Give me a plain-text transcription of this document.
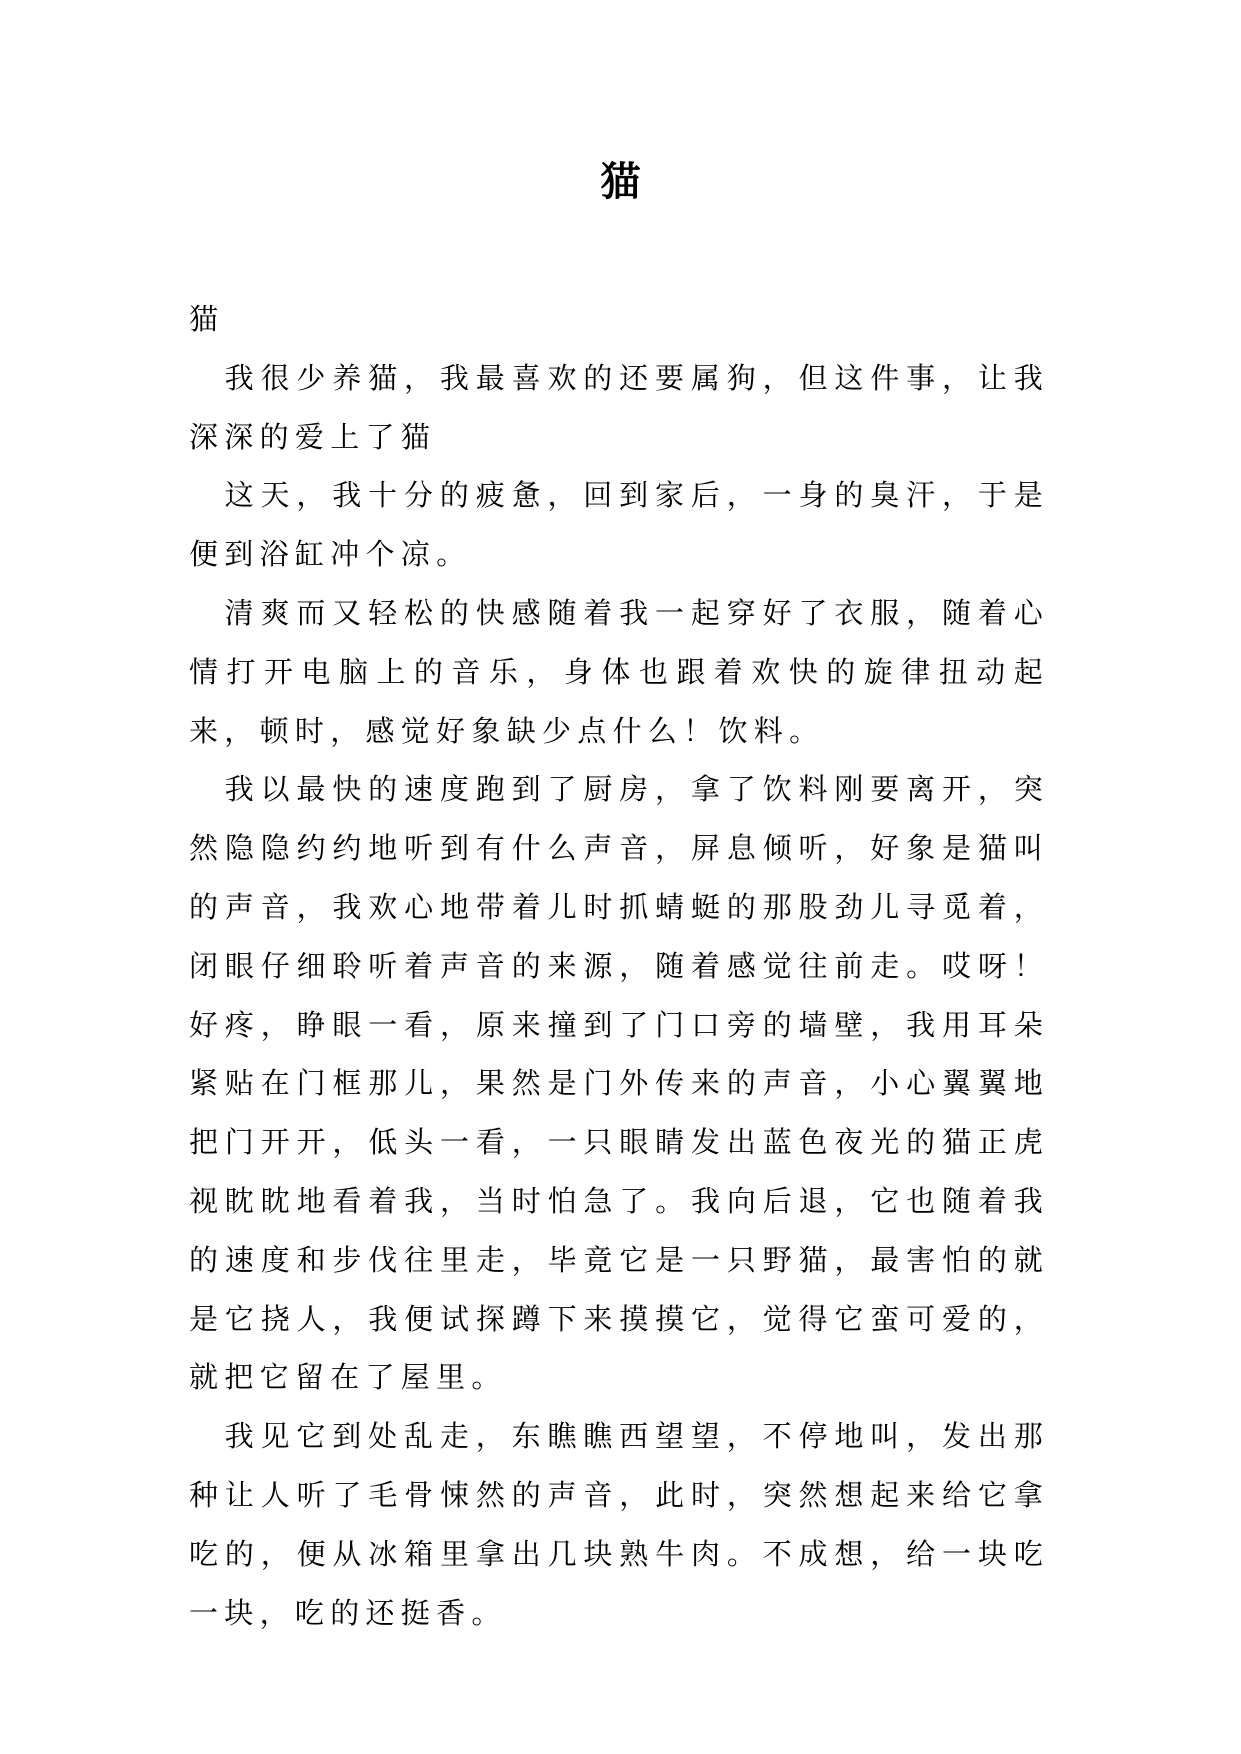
猫

猫

我很少养猫，我最喜欢的还要属狗，但这件事，让我深深的爱上了猫

这天，我十分的疲惫，回到家后，一身的臭汗，于是便到浴缸冲个凉。

清爽而又轻松的快感随着我一起穿好了衣服，随着心情打开电脑上的音乐，身体也跟着欢快的旋律扭动起来，顿时，感觉好象缺少点什么！饮料。

我以最快的速度跑到了厨房，拿了饮料刚要离开，突然隐隐约约地听到有什么声音，屏息倾听，好象是猫叫的声音，我欢心地带着儿时抓蜻蜓的那股劲儿寻觅着，闭眼仔细聆听着声音的来源，随着感觉往前走。哎呀！好疼，睁眼一看，原来撞到了门口旁的墙壁，我用耳朵紧贴在门框那儿，果然是门外传来的声音，小心翼翼地把门开开，低头一看，一只眼睛发出蓝色夜光的猫正虎视眈眈地看着我，当时怕急了。我向后退，它也随着我的速度和步伐往里走，毕竟它是一只野猫，最害怕的就是它挠人，我便试探蹲下来摸摸它，觉得它蛮可爱的，就把它留在了屋里。

我见它到处乱走，东瞧瞧西望望，不停地叫，发出那种让人听了毛骨悚然的声音，此时，突然想起来给它拿吃的，便从冰箱里拿出几块熟牛肉。不成想，给一块吃一块，吃的还挺香。
